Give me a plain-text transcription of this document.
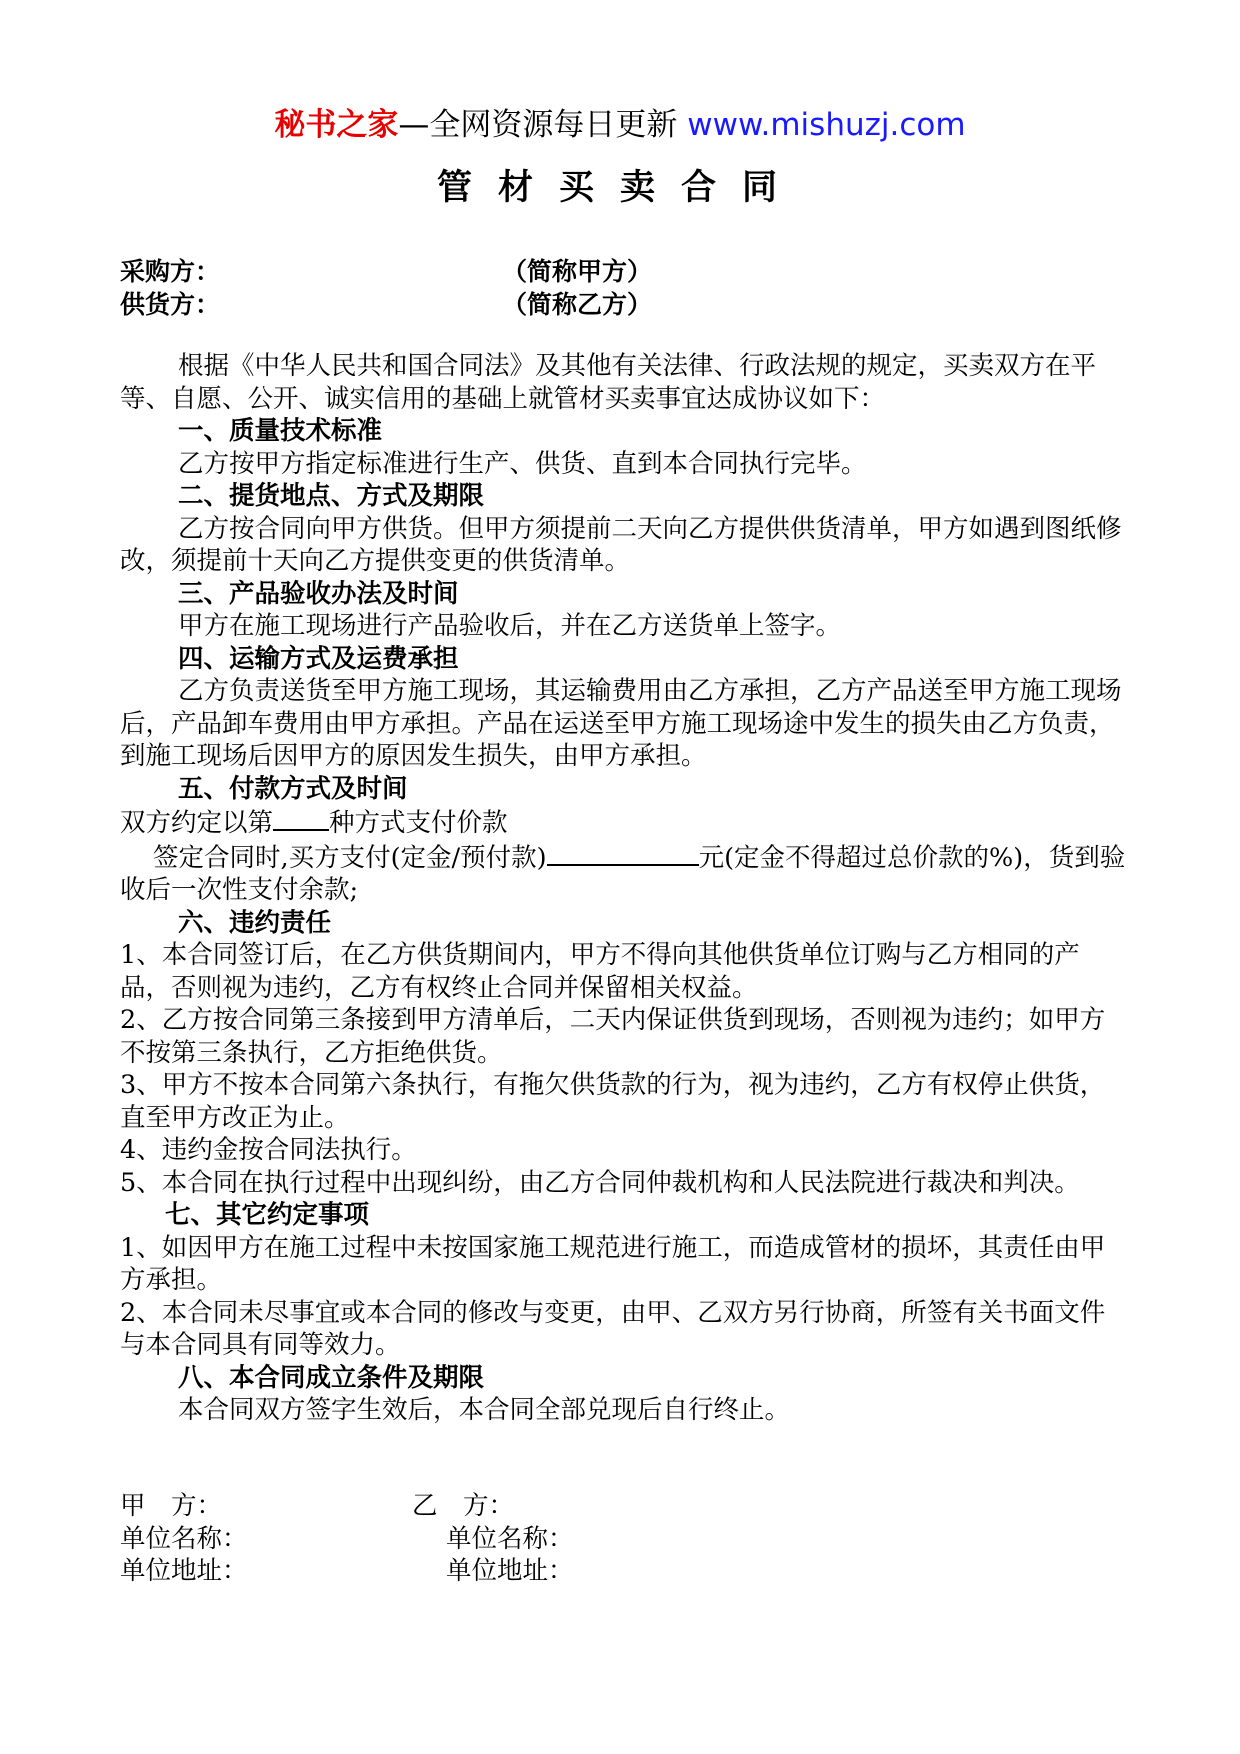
秘书之家—全网资源每日更新 www.mishuzj.com
管材买卖合同
采购方：	（简称甲方）
供货方：	（简称乙方）

根据《中华人民共和国合同法》及其他有关法律、行政法规的规定，买卖双方在平等、自愿、公开、诚实信用的基础上就管材买卖事宜达成协议如下：

一、质量技术标准

乙方按甲方指定标准进行生产、供货、直到本合同执行完毕。

二、提货地点、方式及期限

乙方按合同向甲方供货。但甲方须提前二天向乙方提供供货清单，甲方如遇到图纸修改，须提前十天向乙方提供变更的供货清单。

三、产品验收办法及时间

甲方在施工现场进行产品验收后，并在乙方送货单上签字。

四、运输方式及运费承担

乙方负责送货至甲方施工现场，其运输费用由乙方承担，乙方产品送至甲方施工现场后，产品卸车费用由甲方承担。产品在运送至甲方施工现场途中发生的损失由乙方负责，到施工现场后因甲方的原因发生损失，由甲方承担。

五、付款方式及时间

双方约定以第 种方式支付价款

签定合同时,买方支付(定金/预付款)	元(定金不得超过总价款的%)，货到验收后一次性支付余款;

六、违约责任

1、本合同签订后，在乙方供货期间内，甲方不得向其他供货单位订购与乙方相同的产品，否则视为违约，乙方有权终止合同并保留相关权益。

2、乙方按合同第三条接到甲方清单后，二天内保证供货到现场，否则视为违约；如甲方不按第三条执行，乙方拒绝供货。

3、甲方不按本合同第六条执行，有拖欠供货款的行为，视为违约，乙方有权停止供货，直至甲方改正为止。

4、违约金按合同法执行。

5、本合同在执行过程中出现纠纷，由乙方合同仲裁机构和人民法院进行裁决和判决。

七、其它约定事项

1、如因甲方在施工过程中未按国家施工规范进行施工，而造成管材的损坏，其责任由甲方承担。

2、本合同未尽事宜或本合同的修改与变更，由甲、乙双方另行协商，所签有关书面文件与本合同具有同等效力。

八、本合同成立条件及期限

本合同双方签字生效后，本合同全部兑现后自行终止。

甲　方：	乙　方：
单位名称：	单位名称：
单位地址：	单位地址：
